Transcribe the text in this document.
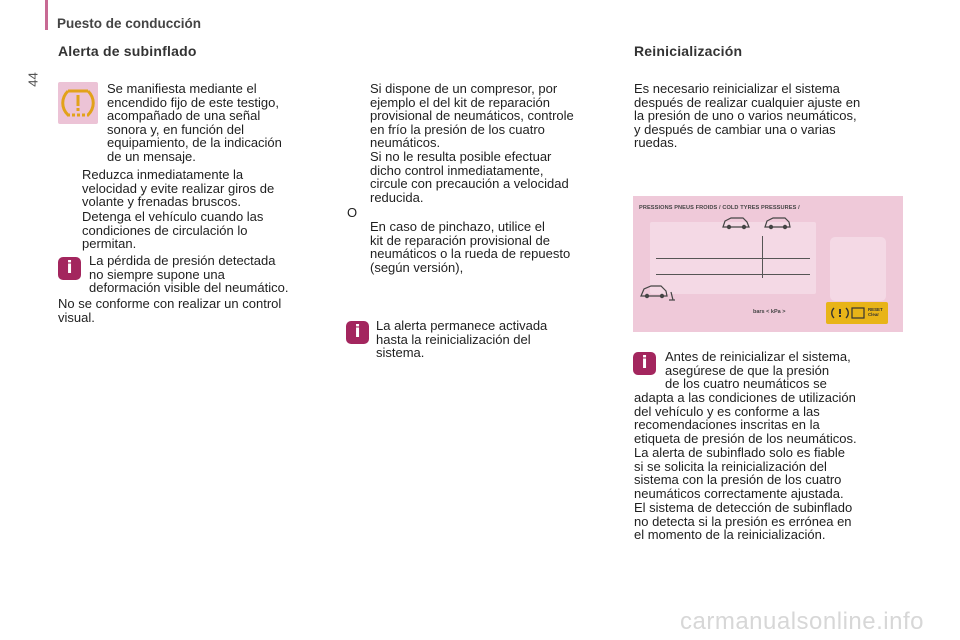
44
Puesto de conducción
Alerta de subinflado
Se manifiesta mediante el
encendido fijo de este testigo,
acompañado de una señal
sonora y, en función del
equipamiento, de la indicación
de un mensaje.
Reduzca inmediatamente la
velocidad y evite realizar giros de
volante y frenadas bruscos.
Detenga el vehículo cuando las
condiciones de circulación lo
permitan.
i	La pérdida de presión detectada
no siempre supone una
deformación visible del neumático.
No se conforme con realizar un control
visual.
Si dispone de un compresor, por
ejemplo el del kit de reparación
provisional de neumáticos, controle
en frío la presión de los cuatro
neumáticos.
Si no le resulta posible efectuar
dicho control inmediatamente,
circule con precaución a velocidad
reducida.
O
En caso de pinchazo, utilice el
kit de reparación provisional de
neumáticos o la rueda de repuesto
(según versión),
i	La alerta permanece activada
hasta la reinicialización del
sistema.
Reinicialización
Es necesario reinicializar el sistema
después de realizar cualquier ajuste en
la presión de uno o varios neumáticos,
y después de cambiar una o varias
ruedas.
PRESSIONS PNEUS FROIDS / COLD TYRES PRESSURES /
bars < kPa >	RESET Clear
i	Antes de reinicializar el sistema,
asegúrese de que la presión
de los cuatro neumáticos se
adapta a las condiciones de utilización
del vehículo y es conforme a las
recomendaciones inscritas en la
etiqueta de presión de los neumáticos.
La alerta de subinflado solo es fiable
si se solicita la reinicialización del
sistema con la presión de los cuatro
neumáticos correctamente ajustada.
El sistema de detección de subinflado
no detecta si la presión es errónea en
el momento de la reinicialización.
carmanualsonline.info
